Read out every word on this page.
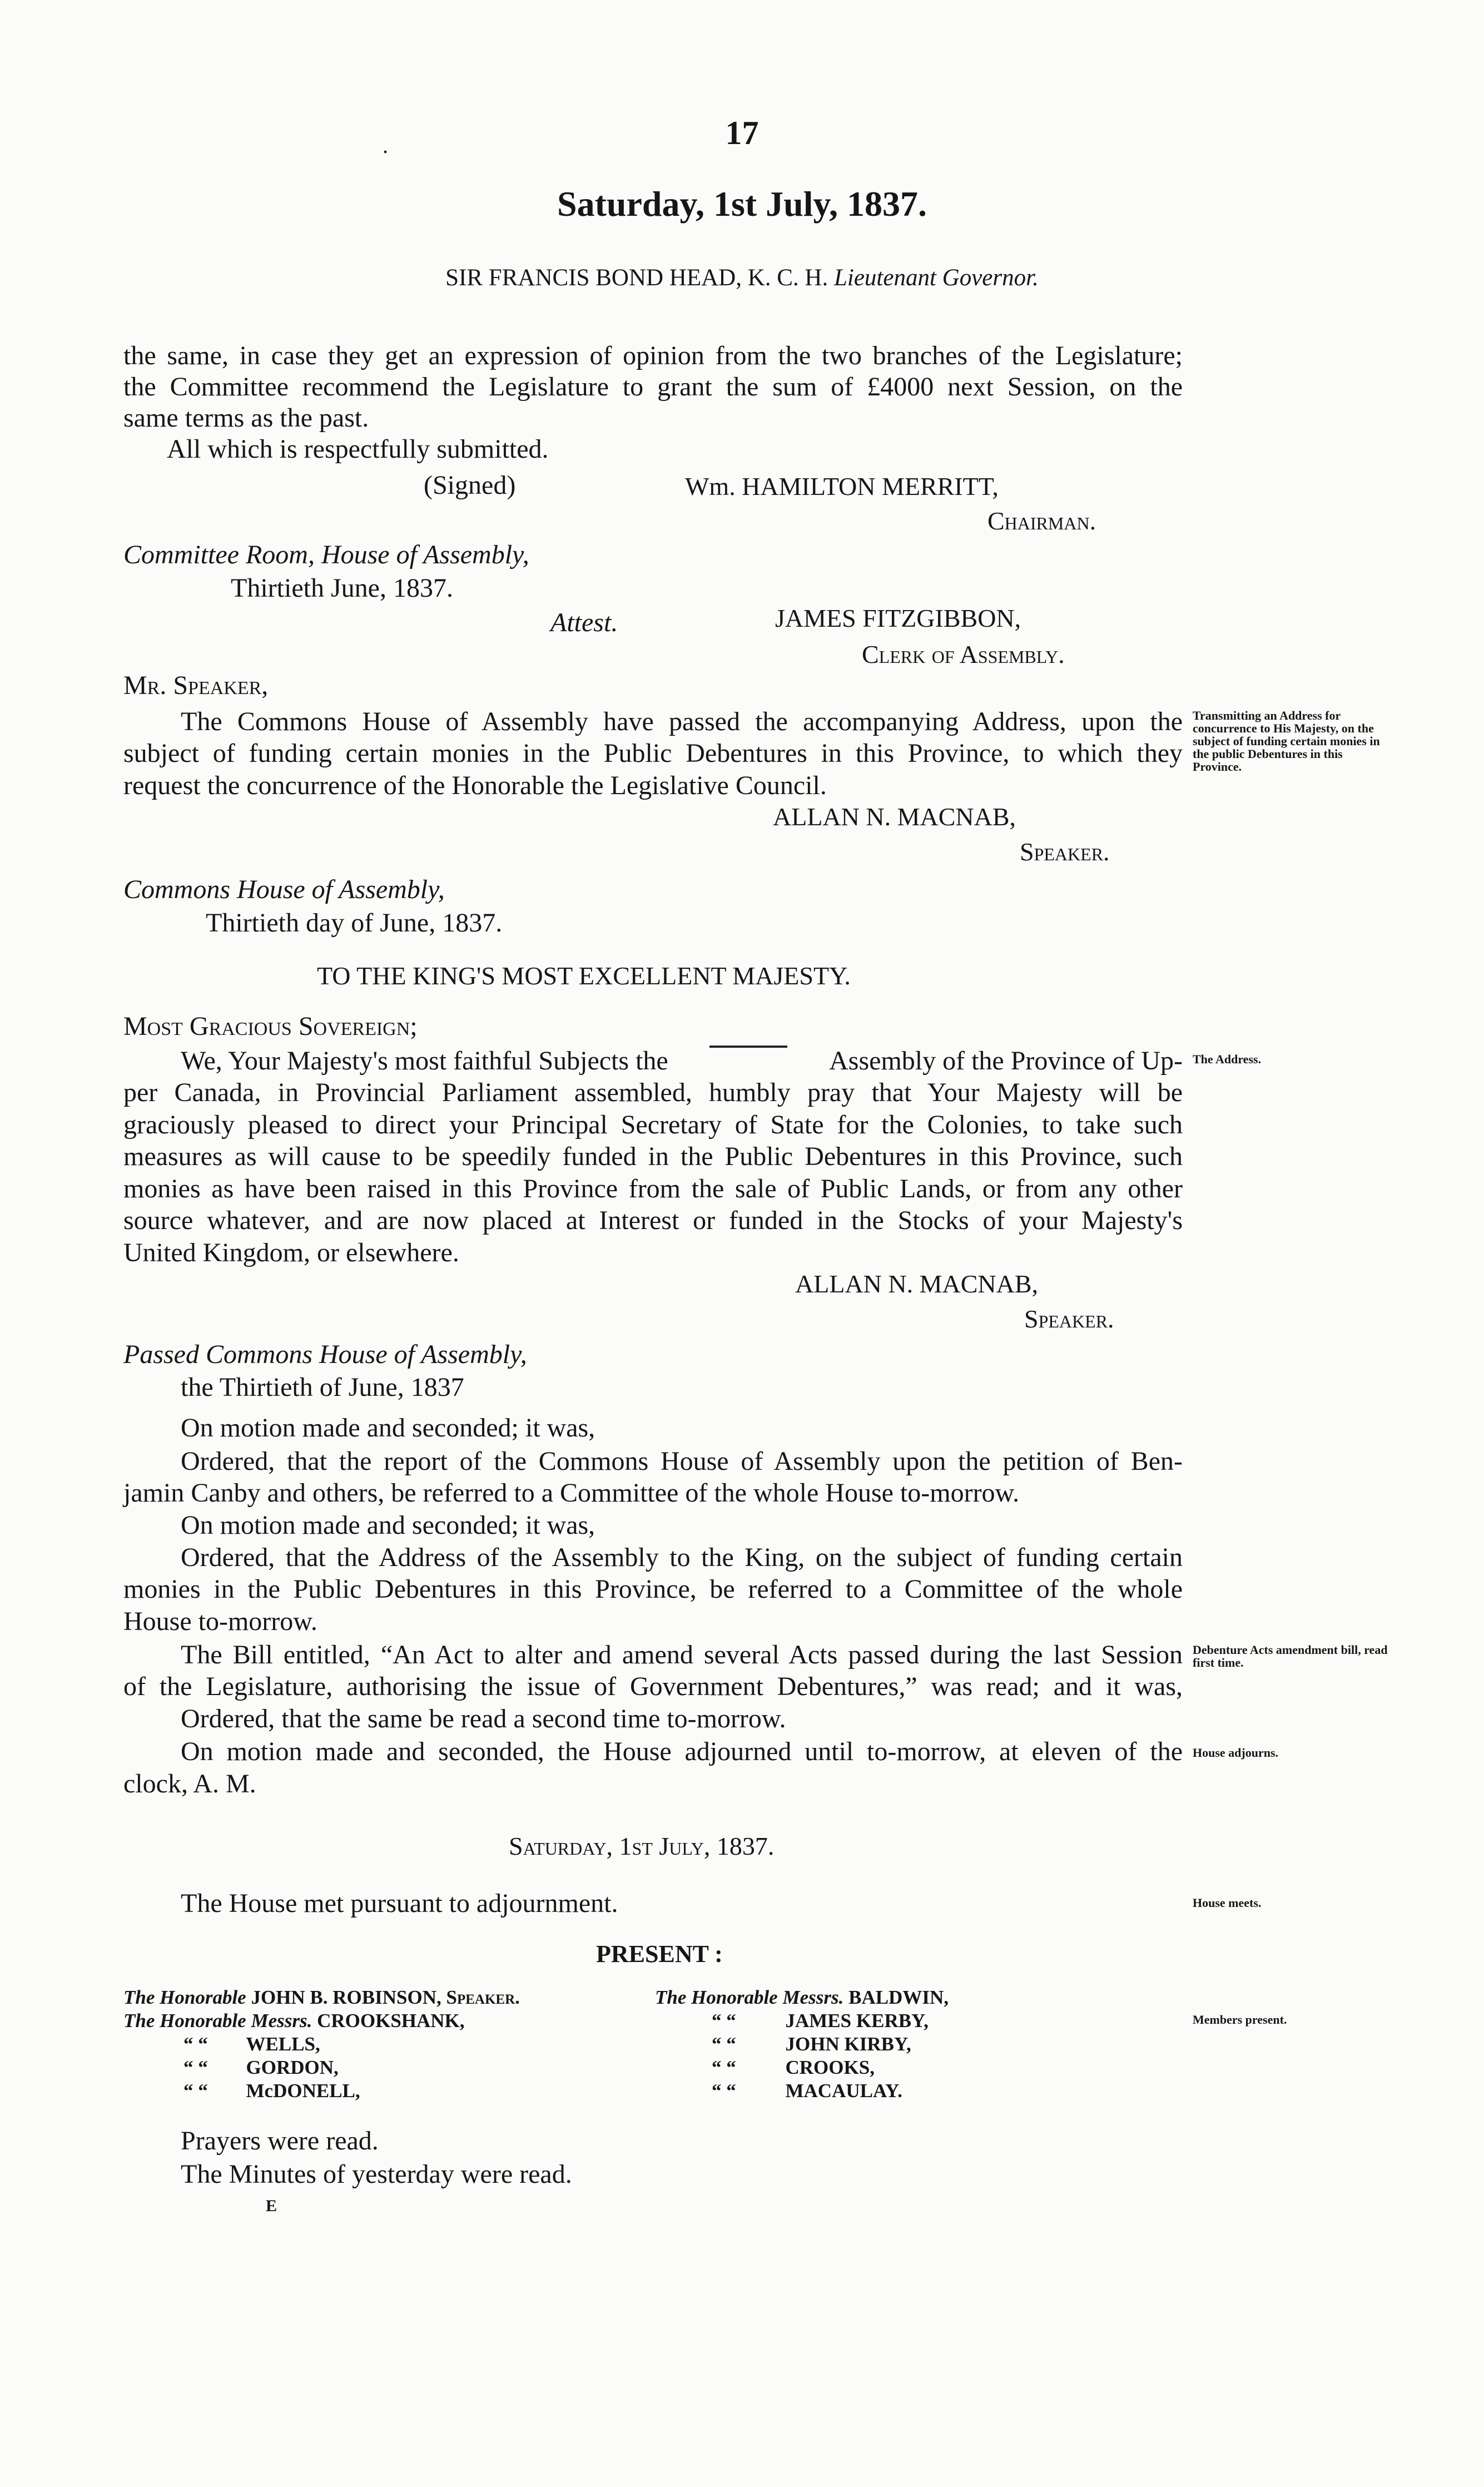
17
.
Saturday, 1st July, 1837.
SIR FRANCIS BOND HEAD, K. C. H. Lieutenant Governor.
the same, in case they get an expression of opinion from the two branches of the Legislature;
the Committee recommend the Legislature to grant the sum of £4000 next Session, on the
same terms as the past.
All which is respectfully submitted.
(Signed)	Wm. HAMILTON MERRITT,
Chairman.
Committee Room, House of Assembly,
Thirtieth June, 1837.
Attest.	JAMES FITZGIBBON,
Clerk of Assembly.
Mr. Speaker,
The Commons House of Assembly have passed the accompanying Address, upon the
subject of funding certain monies in the Public Debentures in this Province, to which they
request the concurrence of the Honorable the Legislative Council.
ALLAN N. MACNAB,
Speaker.
Commons House of Assembly,
Thirtieth day of June, 1837.
TO THE KING'S MOST EXCELLENT MAJESTY.
Most Gracious Sovereign;
We, Your Majesty's most faithful Subjects the	Assembly of the Province of Up-
per Canada, in Provincial Parliament assembled, humbly pray that Your Majesty will be
graciously pleased to direct your Principal Secretary of State for the Colonies, to take such
measures as will cause to be speedily funded in the Public Debentures in this Province, such
monies as have been raised in this Province from the sale of Public Lands, or from any other
source whatever, and are now placed at Interest or funded in the Stocks of your Majesty's
United Kingdom, or elsewhere.
ALLAN N. MACNAB,
Speaker.
Passed Commons House of Assembly,
the Thirtieth of June, 1837
On motion made and seconded; it was,
Ordered, that the report of the Commons House of Assembly upon the petition of Ben-
jamin Canby and others, be referred to a Committee of the whole House to-morrow.
On motion made and seconded; it was,
Ordered, that the Address of the Assembly to the King, on the subject of funding certain
monies in the Public Debentures in this Province, be referred to a Committee of the whole
House to-morrow.
The Bill entitled, “An Act to alter and amend several Acts passed during the last Session
of the Legislature, authorising the issue of Government Debentures,” was read; and it was,
Ordered, that the same be read a second time to-morrow.
On motion made and seconded, the House adjourned until to-morrow, at eleven of the
clock, A. M.
Saturday, 1st July, 1837.
The House met pursuant to adjournment.
PRESENT :
The Honorable JOHN B. ROBINSON, Speaker.
The Honorable Messrs. CROOKSHANK,
“ “ WELLS,
“ “ GORDON,
“ “ McDONELL,
The Honorable Messrs. BALDWIN,
“ “	JAMES KERBY,
“ “	JOHN KIRBY,
“ “	CROOKS,
“ “	MACAULAY.
Prayers were read.
The Minutes of yesterday were read.
E
Transmitting an Address for concurrence to His Majesty, on the subject of funding certain monies in the public Debentures in this Province.
The Address.
Debenture Acts amendment bill, read first time.
House adjourns.
House meets.
Members present.
